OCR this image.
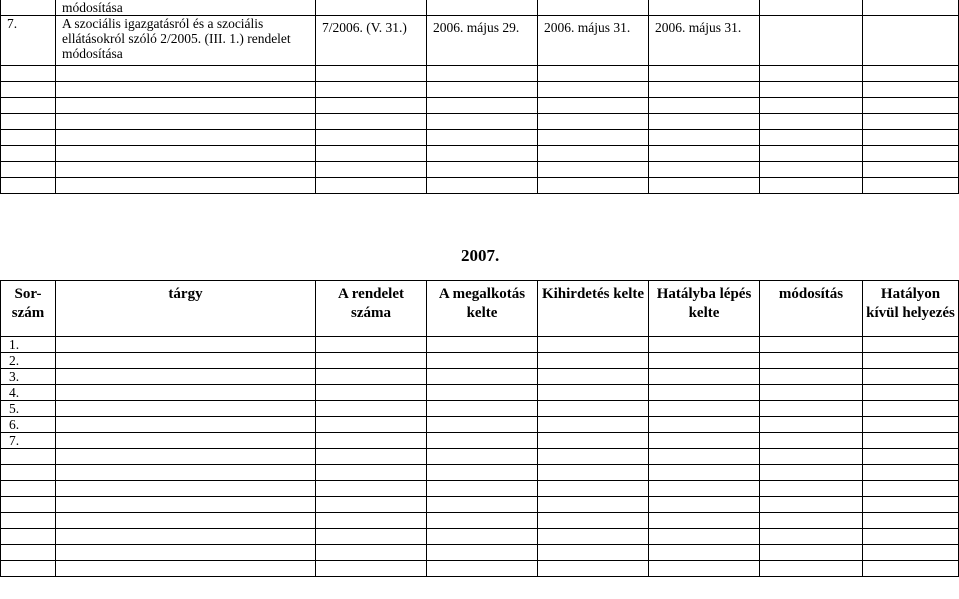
	módosítása						
7.	A szociális igazgatásról és a szociális ellátásokról szóló 2/2005. (III. 1.) rendelet módosítása	7/2006. (V. 31.)	2006. május 29.	2006. május 31.	2006. május 31.		

2007.
Sor-szám	tárgy	A rendelet száma	A megalkotás kelte	Kihirdetés kelte	Hatályba lépés kelte	módosítás	Hatályon kívül helyezés
1.							
2.							
3.							
4.							
5.							
6.							
7.							
